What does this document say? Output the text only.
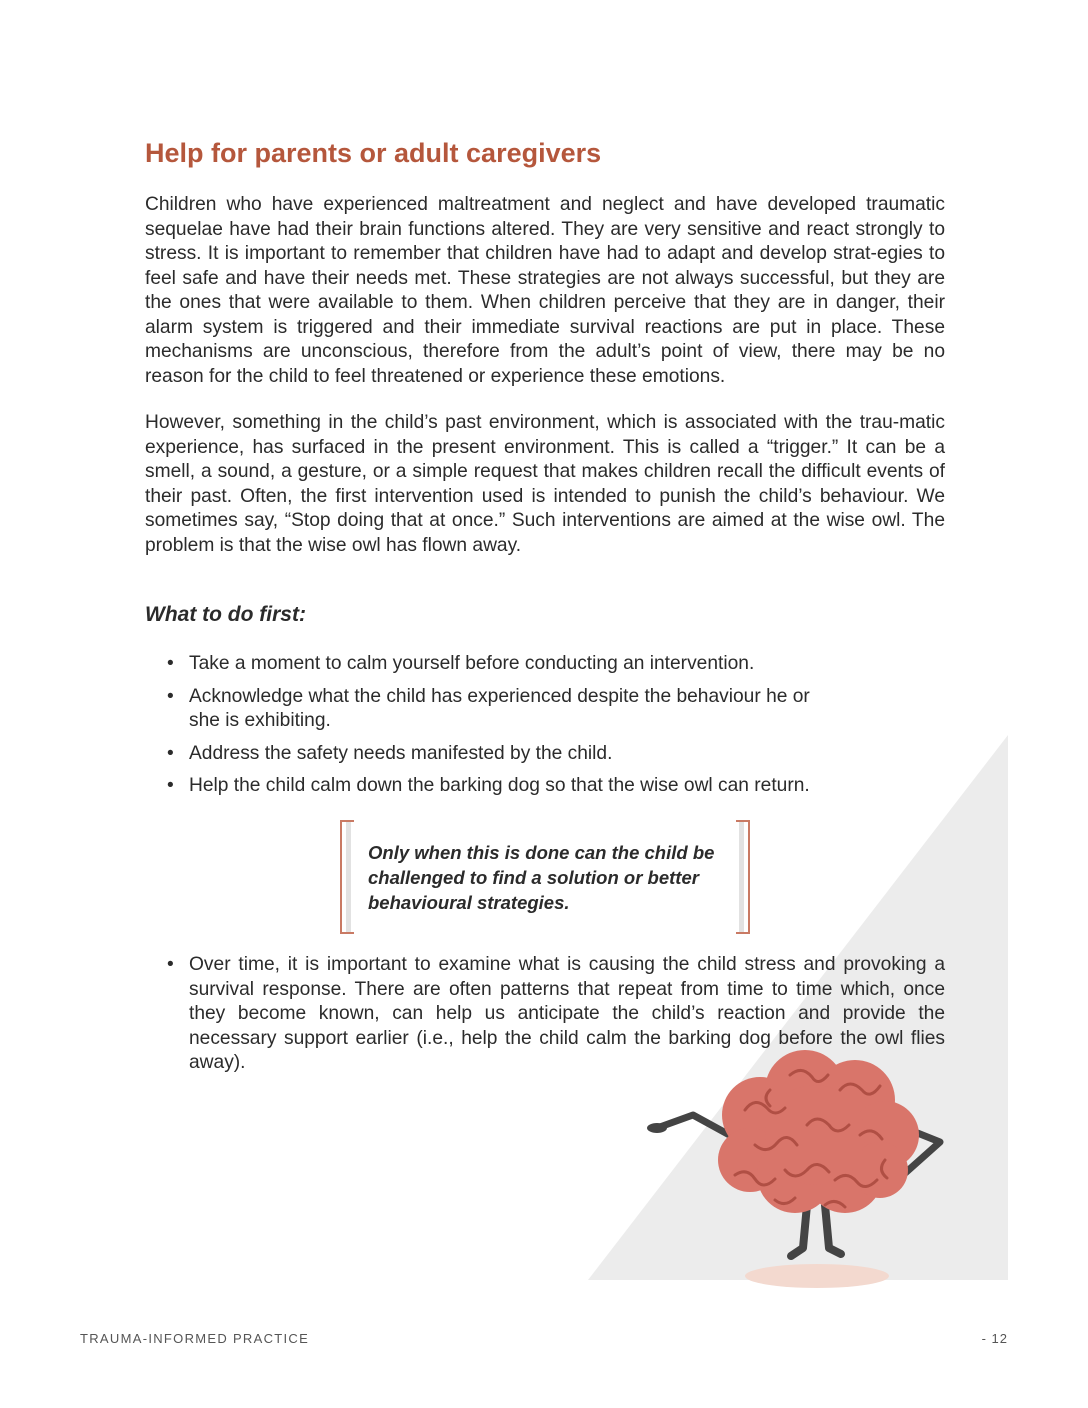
Help for parents or adult caregivers

Children who have experienced maltreatment and neglect and have developed traumatic sequelae have had their brain functions altered. They are very sensitive and react strongly to stress. It is important to remember that children have had to adapt and develop strat-egies to feel safe and have their needs met. These strategies are not always successful, but they are the ones that were available to them. When children perceive that they are in danger, their alarm system is triggered and their immediate survival reactions are put in place. These mechanisms are unconscious, therefore from the adult’s point of view, there may be no reason for the child to feel threatened or experience these emotions.

However, something in the child’s past environment, which is associated with the trau-matic experience, has surfaced in the present environment. This is called a “trigger.” It can be a smell, a sound, a gesture, or a simple request that makes children recall the difficult events of their past. Often, the first intervention used is intended to punish the child’s behaviour. We sometimes say, “Stop doing that at once.” Such interventions are aimed at the wise owl. The problem is that the wise owl has flown away.

What to do first:
• Take a moment to calm yourself before conducting an intervention.
• Acknowledge what the child has experienced despite the behaviour he or she is exhibiting.
• Address the safety needs manifested by the child.
• Help the child calm down the barking dog so that the wise owl can return.

Only when this is done can the child be challenged to find a solution or better behavioural strategies.

• Over time, it is important to examine what is causing the child stress and provoking a survival response. There are often patterns that repeat from time to time which, once they become known, can help us anticipate the child’s reaction and provide the necessary support earlier (i.e., help the child calm the barking dog before the owl flies away).
TRAUMA-INFORMED PRACTICE	- 12
